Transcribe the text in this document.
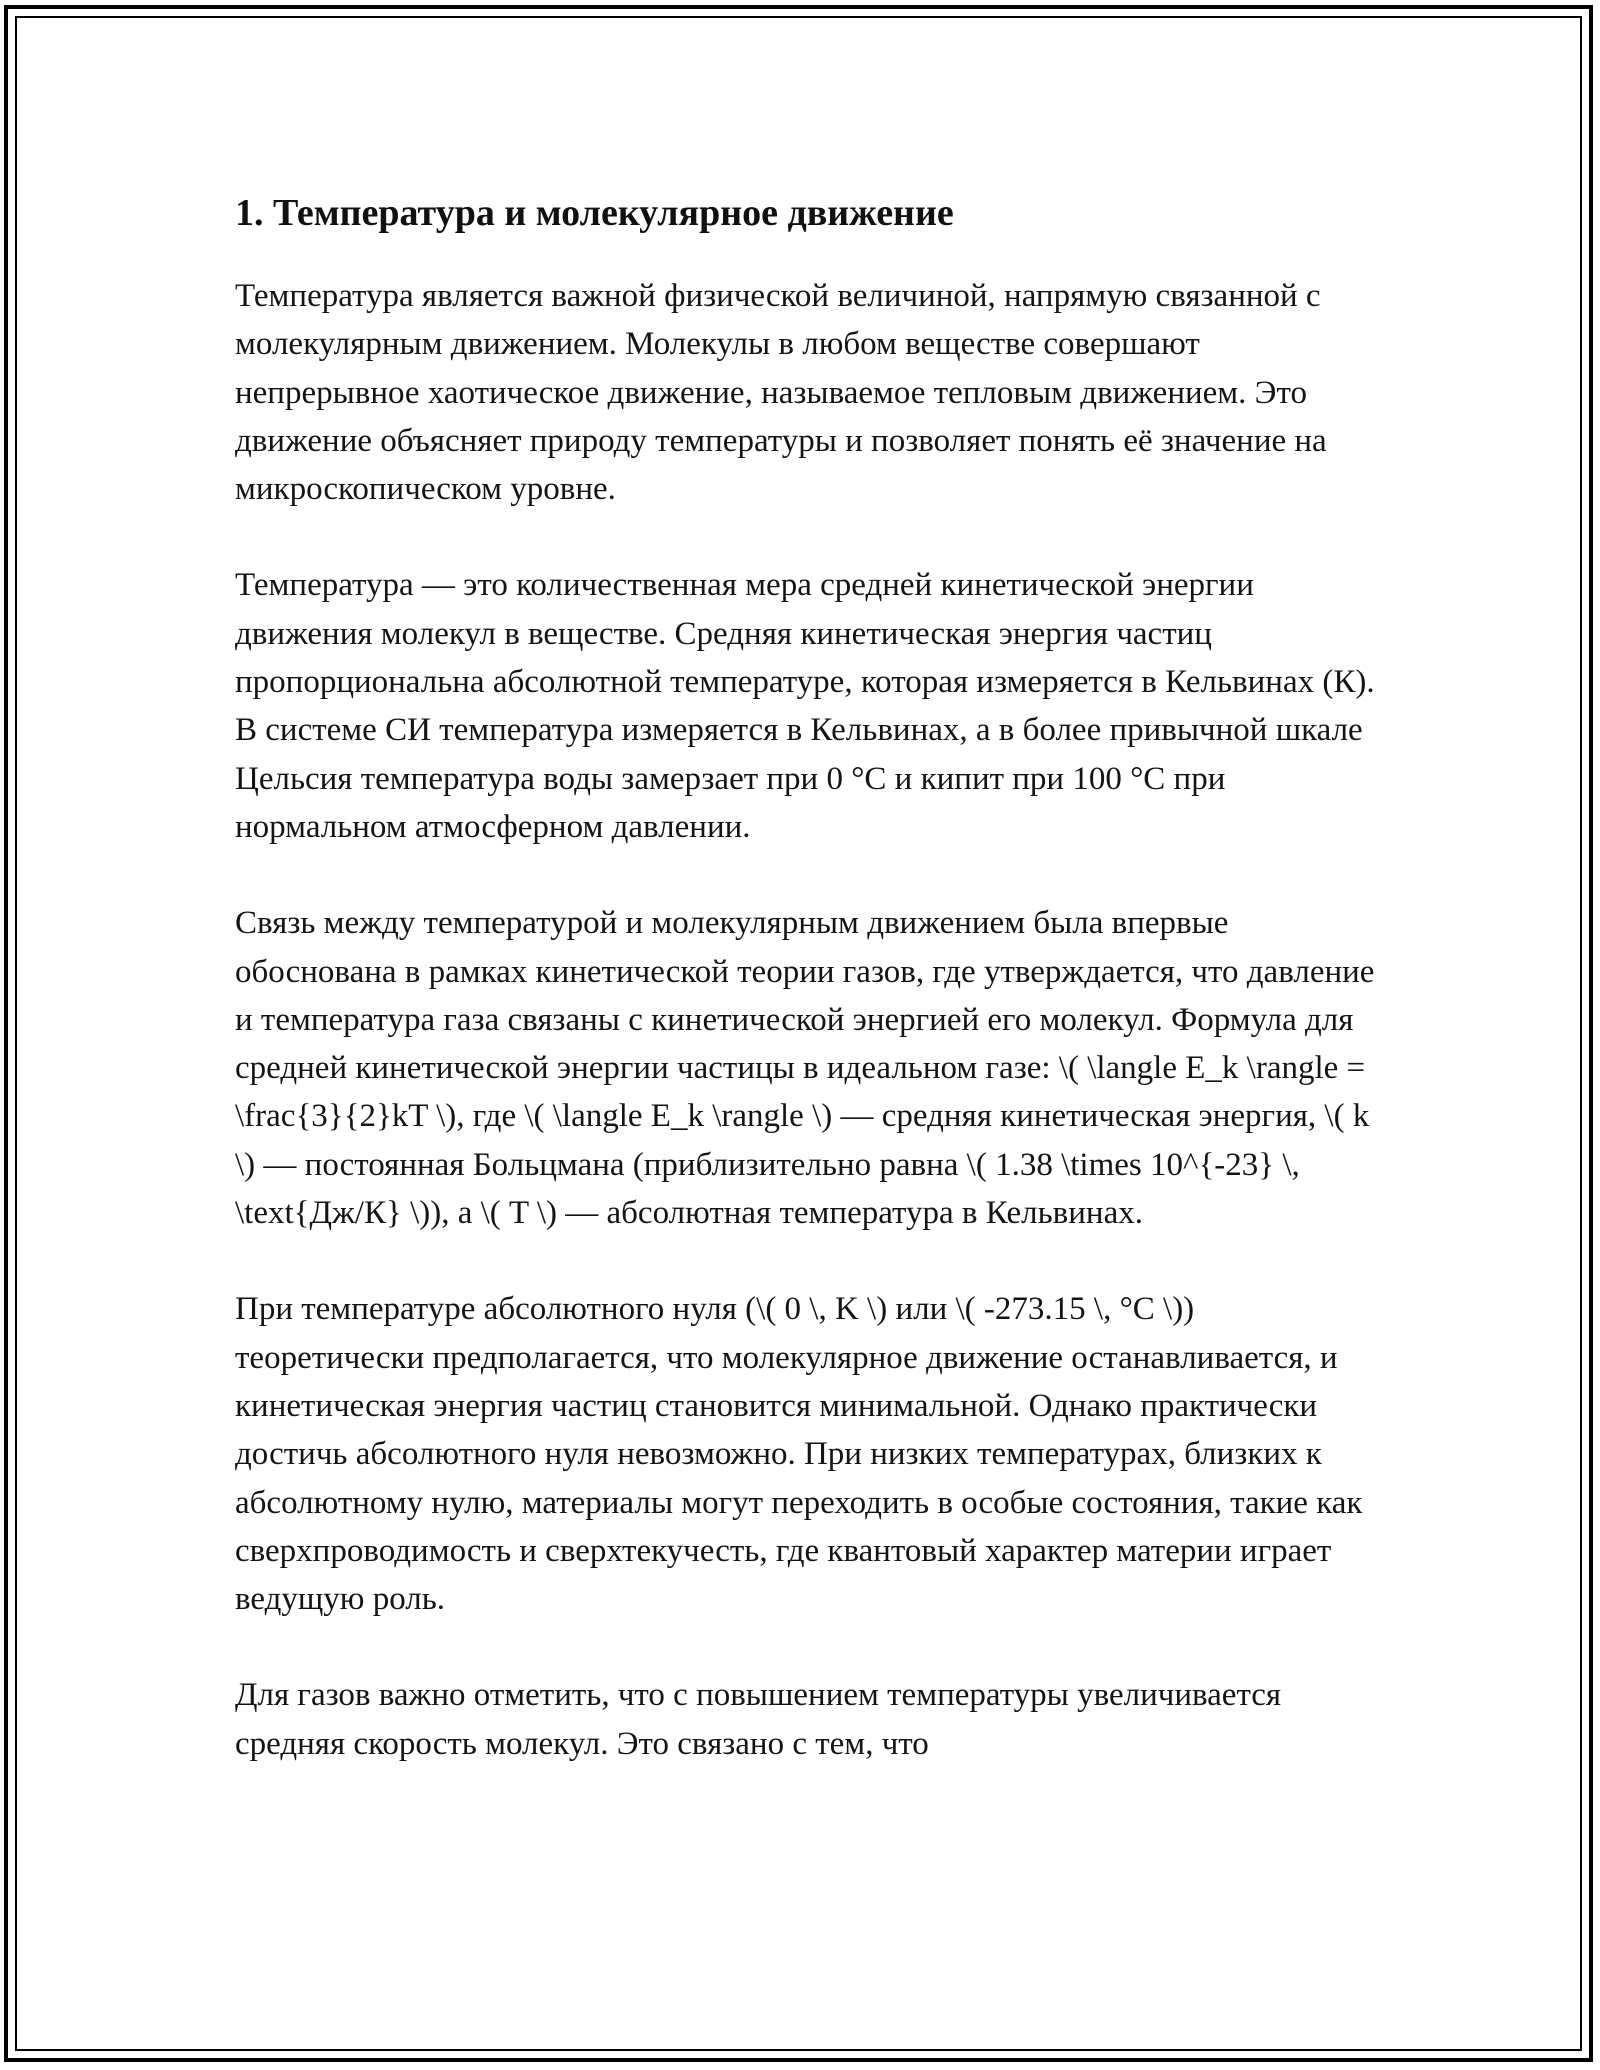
1. Температура и молекулярное движение

Температура является важной физической величиной, напрямую связанной с молекулярным движением. Молекулы в любом веществе совершают непрерывное хаотическое движение, называемое тепловым движением. Это движение объясняет природу температуры и позволяет понять её значение на микроскопическом уровне.

Температура — это количественная мера средней кинетической энергии движения молекул в веществе. Средняя кинетическая энергия частиц пропорциональна абсолютной температуре, которая измеряется в Кельвинах (К). В системе СИ температура измеряется в Кельвинах, а в более привычной шкале Цельсия температура воды замерзает при 0 °C и кипит при 100 °C при нормальном атмосферном давлении.

Связь между температурой и молекулярным движением была впервые обоснована в рамках кинетической теории газов, где утверждается, что давление и температура газа связаны с кинетической энергией его молекул. Формула для средней кинетической энергии частицы в идеальном газе: \( \langle E_k \rangle = \frac{3}{2}kT \), где \( \langle E_k \rangle \) — средняя кинетическая энергия, \( k \) — постоянная Больцмана (приблизительно равна \( 1.38 \times 10^{-23} \, \text{Дж/К} \)), а \( T \) — абсолютная температура в Кельвинах.

При температуре абсолютного нуля (\( 0 \, K \) или \( -273.15 \, °C \)) теоретически предполагается, что молекулярное движение останавливается, и кинетическая энергия частиц становится минимальной. Однако практически достичь абсолютного нуля невозможно. При низких температурах, близких к абсолютному нулю, материалы могут переходить в особые состояния, такие как сверхпроводимость и сверхтекучесть, где квантовый характер материи играет ведущую роль.

Для газов важно отметить, что с повышением температуры увеличивается средняя скорость молекул. Это связано с тем, что
